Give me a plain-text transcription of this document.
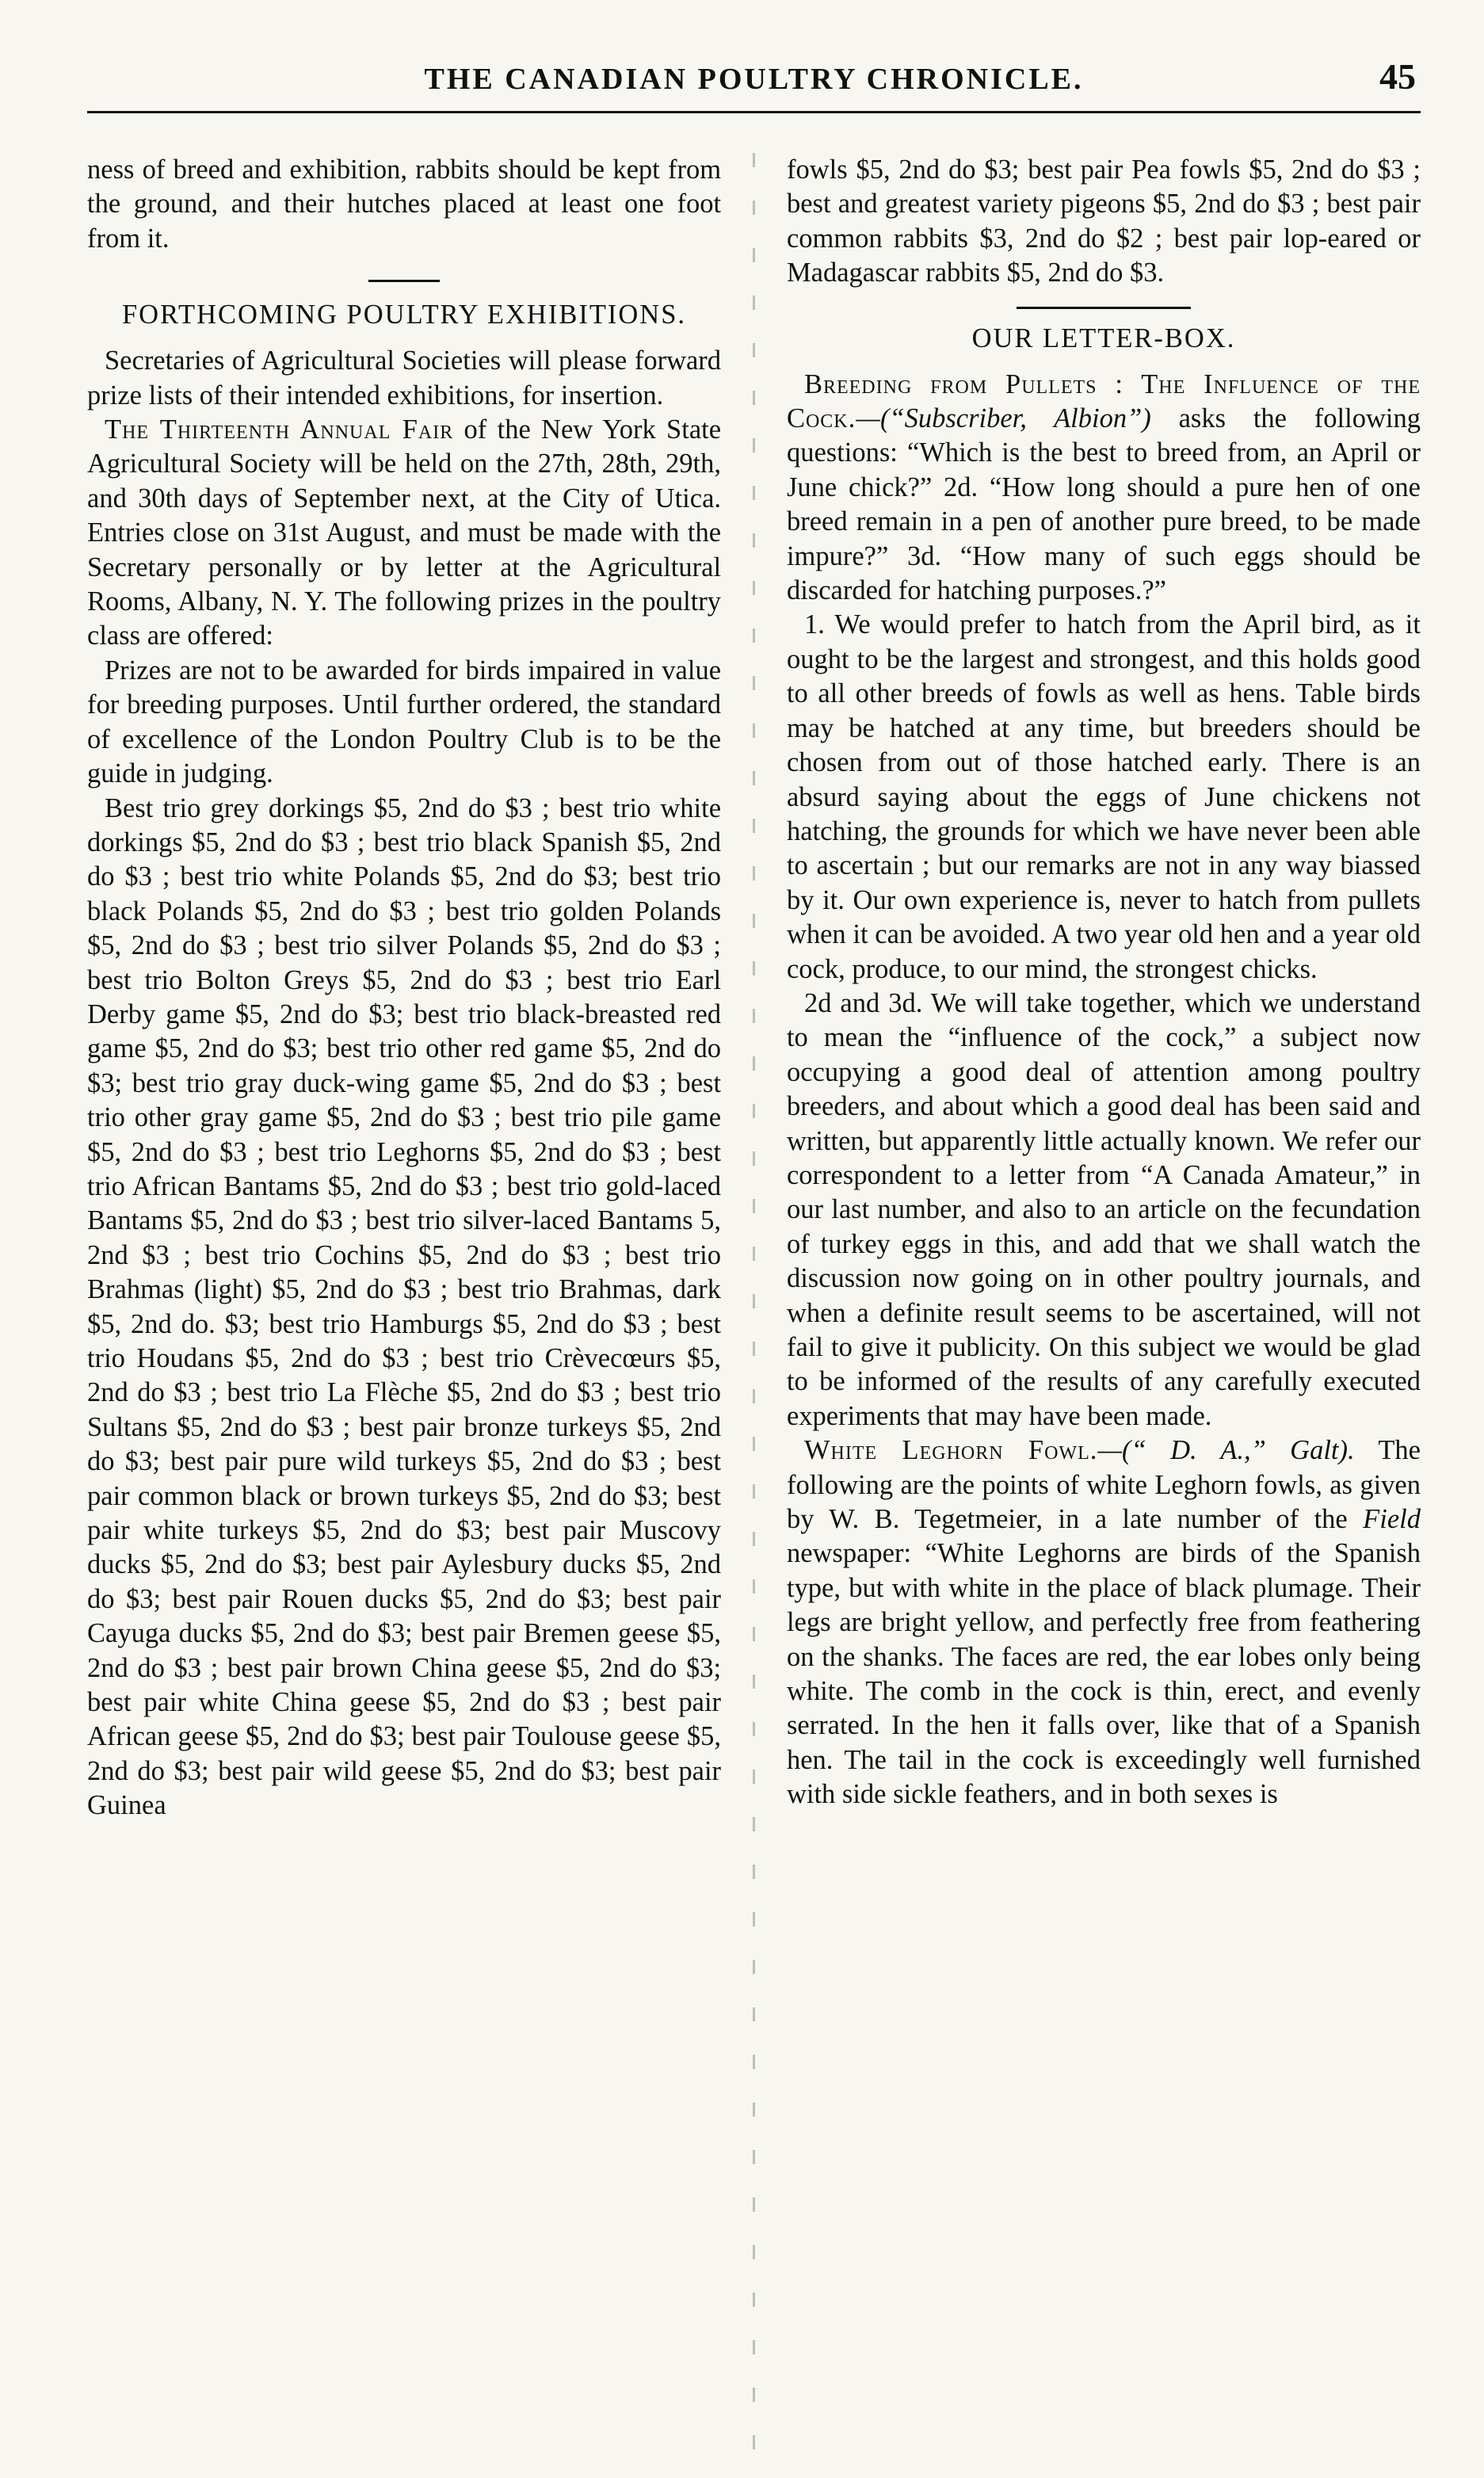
THE CANADIAN POULTRY CHRONICLE.	45

ness of breed and exhibition, rabbits should be kept from the ground, and their hutches placed at least one foot from it.

FORTHCOMING POULTRY EXHIBITIONS.

Secretaries of Agricultural Societies will please forward prize lists of their intended exhibitions, for insertion.

The Thirteenth Annual Fair of the New York State Agricultural Society will be held on the 27th, 28th, 29th, and 30th days of September next, at the City of Utica. Entries close on 31st August, and must be made with the Secretary personally or by letter at the Agricultural Rooms, Albany, N. Y. The following prizes in the poultry class are offered:

Prizes are not to be awarded for birds impaired in value for breeding purposes. Until further ordered, the standard of excellence of the London Poultry Club is to be the guide in judging.

Best trio grey dorkings $5, 2nd do $3 ; best trio white dorkings $5, 2nd do $3 ; best trio black Spanish $5, 2nd do $3 ; best trio white Polands $5, 2nd do $3; best trio black Polands $5, 2nd do $3 ; best trio golden Polands $5, 2nd do $3 ; best trio silver Polands $5, 2nd do $3 ; best trio Bolton Greys $5, 2nd do $3 ; best trio Earl Derby game $5, 2nd do $3; best trio black-breasted red game $5, 2nd do $3; best trio other red game $5, 2nd do $3; best trio gray duck-wing game $5, 2nd do $3 ; best trio other gray game $5, 2nd do $3 ; best trio pile game $5, 2nd do $3 ; best trio Leghorns $5, 2nd do $3 ; best trio African Bantams $5, 2nd do $3 ; best trio gold-laced Bantams $5, 2nd do $3 ; best trio silver-laced Bantams 5, 2nd $3 ; best trio Cochins $5, 2nd do $3 ; best trio Brahmas (light) $5, 2nd do $3 ; best trio Brahmas, dark $5, 2nd do. $3; best trio Hamburgs $5, 2nd do $3 ; best trio Houdans $5, 2nd do $3 ; best trio Crèvecœurs $5, 2nd do $3 ; best trio La Flèche $5, 2nd do $3 ; best trio Sultans $5, 2nd do $3 ; best pair bronze turkeys $5, 2nd do $3; best pair pure wild turkeys $5, 2nd do $3 ; best pair common black or brown turkeys $5, 2nd do $3; best pair white turkeys $5, 2nd do $3; best pair Muscovy ducks $5, 2nd do $3; best pair Aylesbury ducks $5, 2nd do $3; best pair Rouen ducks $5, 2nd do $3; best pair Cayuga ducks $5, 2nd do $3; best pair Bremen geese $5, 2nd do $3 ; best pair brown China geese $5, 2nd do $3; best pair white China geese $5, 2nd do $3 ; best pair African geese $5, 2nd do $3; best pair Toulouse geese $5, 2nd do $3; best pair wild geese $5, 2nd do $3; best pair Guinea

fowls $5, 2nd do $3; best pair Pea fowls $5, 2nd do $3 ; best and greatest variety pigeons $5, 2nd do $3 ; best pair common rabbits $3, 2nd do $2 ; best pair lop-eared or Madagascar rabbits $5, 2nd do $3.

OUR LETTER-BOX.

Breeding from Pullets : The Influence of the Cock.—(“Subscriber, Albion”) asks the following questions: “Which is the best to breed from, an April or June chick?” 2d. “How long should a pure hen of one breed remain in a pen of another pure breed, to be made impure?” 3d. “How many of such eggs should be discarded for hatching purposes.?”

1. We would prefer to hatch from the April bird, as it ought to be the largest and strongest, and this holds good to all other breeds of fowls as well as hens. Table birds may be hatched at any time, but breeders should be chosen from out of those hatched early. There is an absurd saying about the eggs of June chickens not hatching, the grounds for which we have never been able to ascertain ; but our remarks are not in any way biassed by it. Our own experience is, never to hatch from pullets when it can be avoided. A two year old hen and a year old cock, produce, to our mind, the strongest chicks.

2d and 3d. We will take together, which we understand to mean the “influence of the cock,” a subject now occupying a good deal of attention among poultry breeders, and about which a good deal has been said and written, but apparently little actually known. We refer our correspondent to a letter from “A Canada Amateur,” in our last number, and also to an article on the fecundation of turkey eggs in this, and add that we shall watch the discussion now going on in other poultry journals, and when a definite result seems to be ascertained, will not fail to give it publicity. On this subject we would be glad to be informed of the results of any carefully executed experiments that may have been made.

White Leghorn Fowl.—(“ D. A.,” Galt). The following are the points of white Leghorn fowls, as given by W. B. Tegetmeier, in a late number of the Field newspaper: “White Leghorns are birds of the Spanish type, but with white in the place of black plumage. Their legs are bright yellow, and perfectly free from feathering on the shanks. The faces are red, the ear lobes only being white. The comb in the cock is thin, erect, and evenly serrated. In the hen it falls over, like that of a Spanish hen. The tail in the cock is exceedingly well furnished with side sickle feathers, and in both sexes is
